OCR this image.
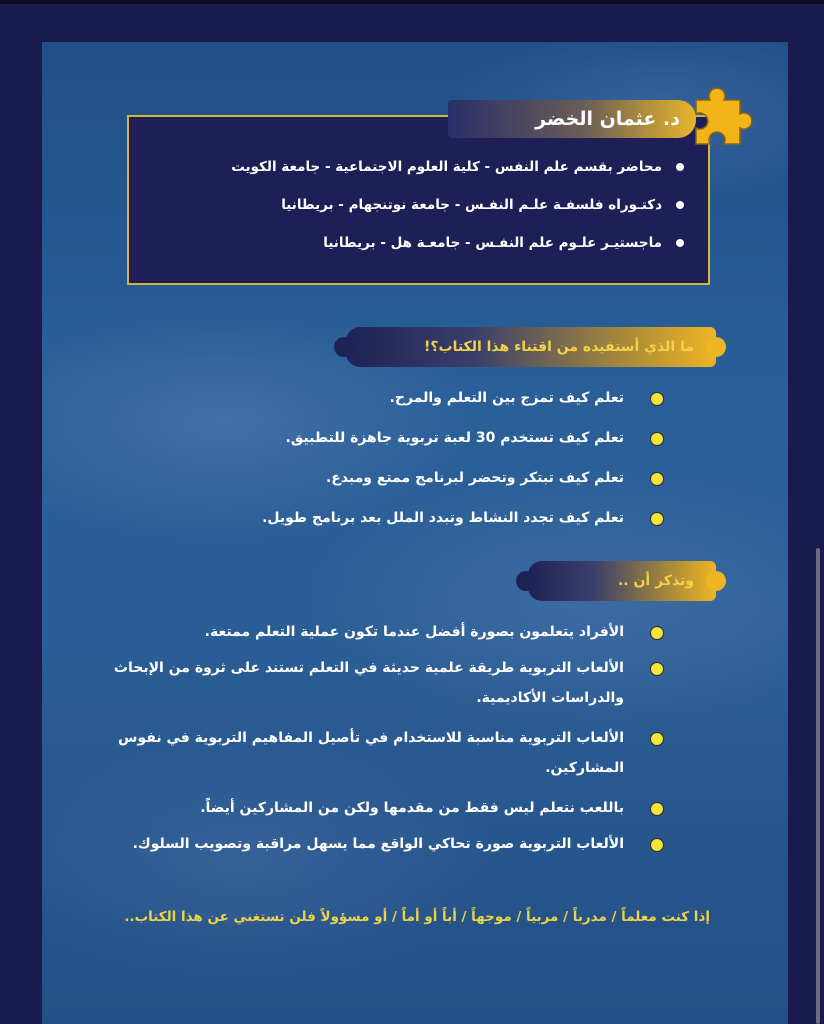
محاضر بقسم علم النفس - كلية العلوم الاجتماعية - جامعة الكويت
دكتـوراه فلسفـة علـم النفـس - جامعة نوتنجهام - بريطانيا
ماجستيـر علـوم علم النفـس - جامعـة هل - بريطانيا
د. عثمان الخضر
ما الذي أستفيده من اقتناء هذا الكتاب؟!
تعلم كيف تمزج بين التعلم والمرح.
تعلم كيف تستخدم 30 لعبة تربوية جاهزة للتطبيق.
تعلم كيف تبتكر وتحضر لبرنامج ممتع ومبدع.
تعلم كيف تجدد النشاط وتبدد الملل بعد برنامج طويل.
وتذكر أن ..
الأفراد يتعلمون بصورة أفضل عندما تكون عملية التعلم ممتعة.
الألعاب التربوية طريقة علمية حديثة في التعلم تستند على ثروة من الإبحاث والدراسات الأكاديمية.
الألعاب التربوية مناسبة للاستخدام في تأصيل المفاهيم التربوية في نفوس المشاركين.
باللعب نتعلم ليس فقط من مقدمها ولكن من المشاركين أيضاً.
الألعاب التربوية صورة تحاكي الواقع مما يسهل مراقبة وتصويب السلوك.
إذا كنت معلماً / مدرباً / مربياً / موجهاً / أباً أو أماً / أو مسؤولاً فلن تستغني عن هذا الكتاب..
